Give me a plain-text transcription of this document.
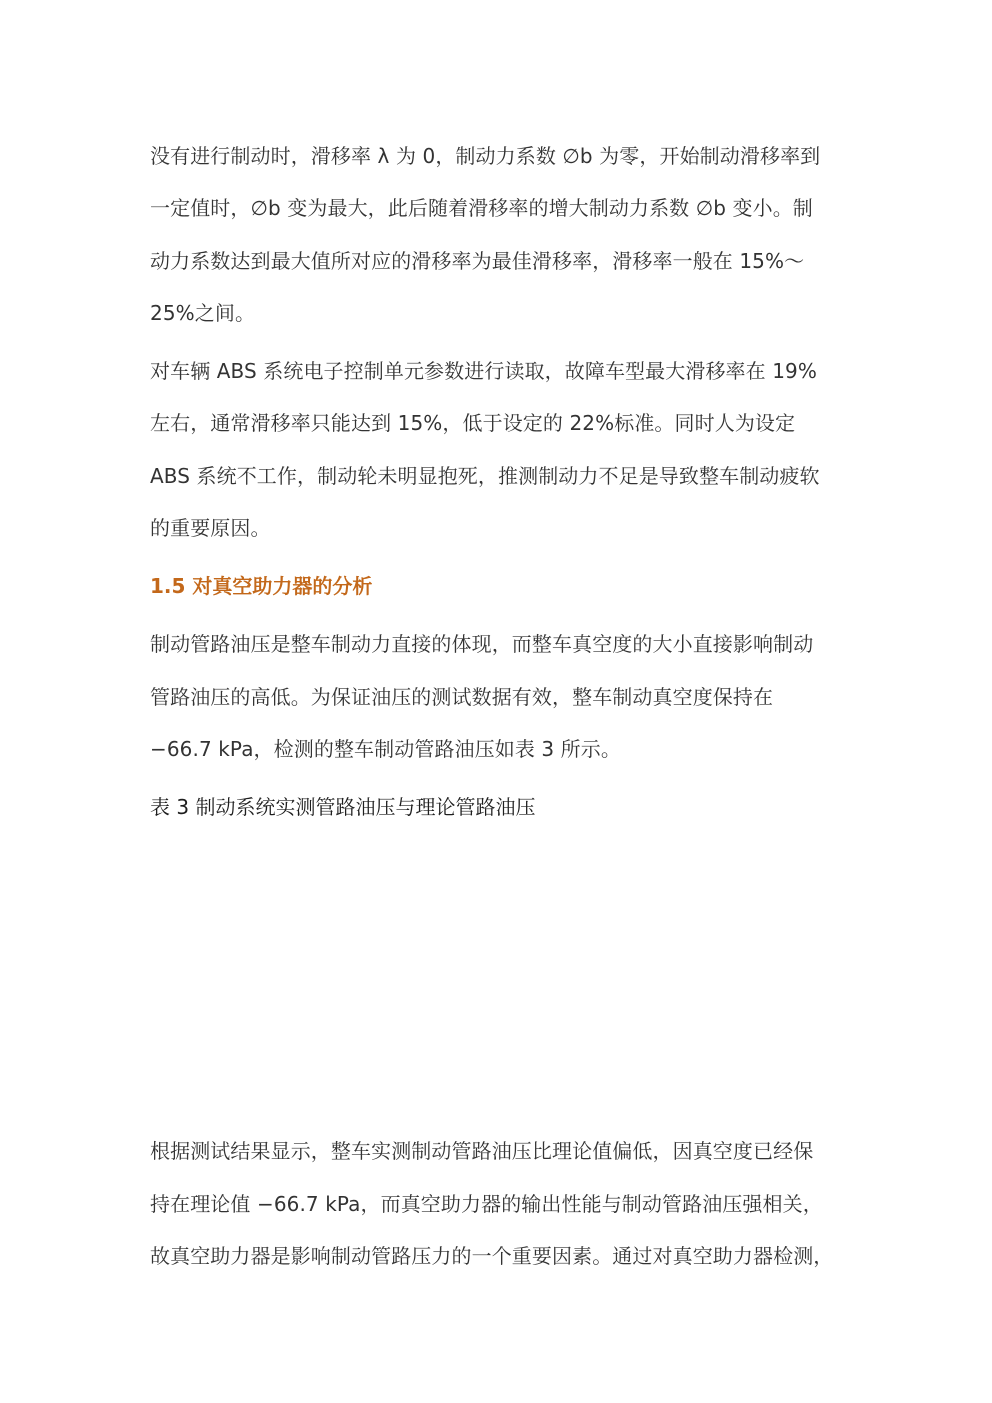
没有进行制动时，滑移率 λ 为 0，制动力系数 ∅b 为零，开始制动滑移率到
一定值时，∅b 变为最大，此后随着滑移率的增大制动力系数 ∅b 变小。制
动力系数达到最大值所对应的滑移率为最佳滑移率，滑移率一般在 15%～
25%之间。

对车辆 ABS 系统电子控制单元参数进行读取，故障车型最大滑移率在 19%
左右，通常滑移率只能达到 15%，低于设定的 22%标准。同时人为设定
ABS 系统不工作，制动轮未明显抱死，推测制动力不足是导致整车制动疲软
的重要原因。

1.5 对真空助力器的分析

制动管路油压是整车制动力直接的体现，而整车真空度的大小直接影响制动
管路油压的高低。为保证油压的测试数据有效，整车制动真空度保持在
−66.7 kPa，检测的整车制动管路油压如表 3 所示。

表 3 制动系统实测管路油压与理论管路油压

根据测试结果显示，整车实测制动管路油压比理论值偏低，因真空度已经保
持在理论值 −66.7 kPa，而真空助力器的输出性能与制动管路油压强相关，
故真空助力器是影响制动管路压力的一个重要因素。通过对真空助力器检测，
